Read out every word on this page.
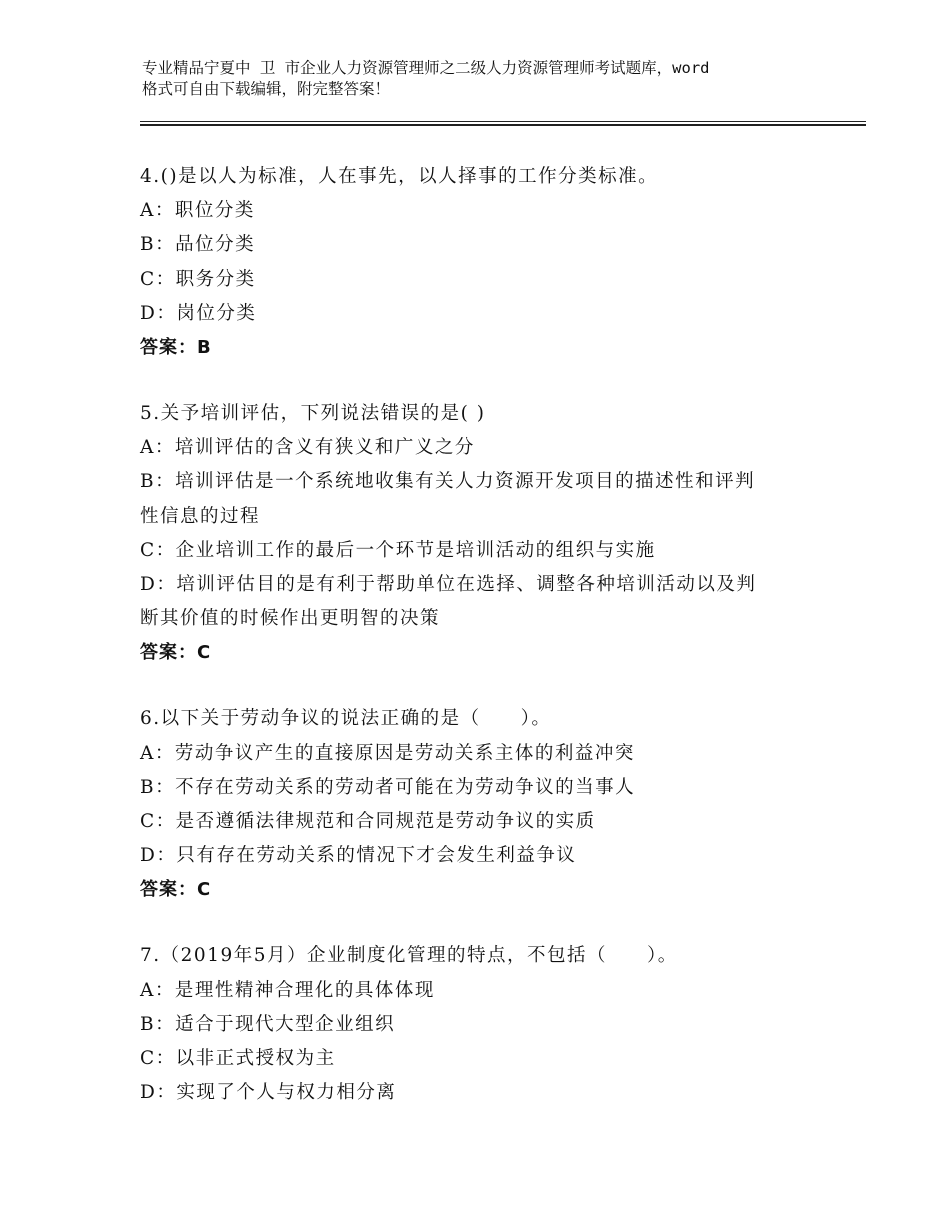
专业精品宁夏中 卫 市企业人力资源管理师之二级人力资源管理师考试题库，word
格式可自由下载编辑，附完整答案！
4.()是以人为标准，人在事先，以人择事的工作分类标准。
A：职位分类
B：品位分类
C：职务分类
D：岗位分类
答案：B
5.关予培训评估，下列说法错误的是( )
A：培训评估的含义有狭义和广义之分
B：培训评估是一个系统地收集有关人力资源开发项目的描述性和评判
性信息的过程
C：企业培训工作的最后一个环节是培训活动的组织与实施
D：培训评估目的是有利于帮助单位在选择、调整各种培训活动以及判
断其价值的时候作出更明智的决策
答案：C
6.以下关于劳动争议的说法正确的是（　　）。
A：劳动争议产生的直接原因是劳动关系主体的利益冲突
B：不存在劳动关系的劳动者可能在为劳动争议的当事人
C：是否遵循法律规范和合同规范是劳动争议的实质
D：只有存在劳动关系的情况下才会发生利益争议
答案：C
7.（2019年5月）企业制度化管理的特点，不包括（　　）。
A：是理性精神合理化的具体体现
B：适合于现代大型企业组织
C：以非正式授权为主
D：实现了个人与权力相分离
